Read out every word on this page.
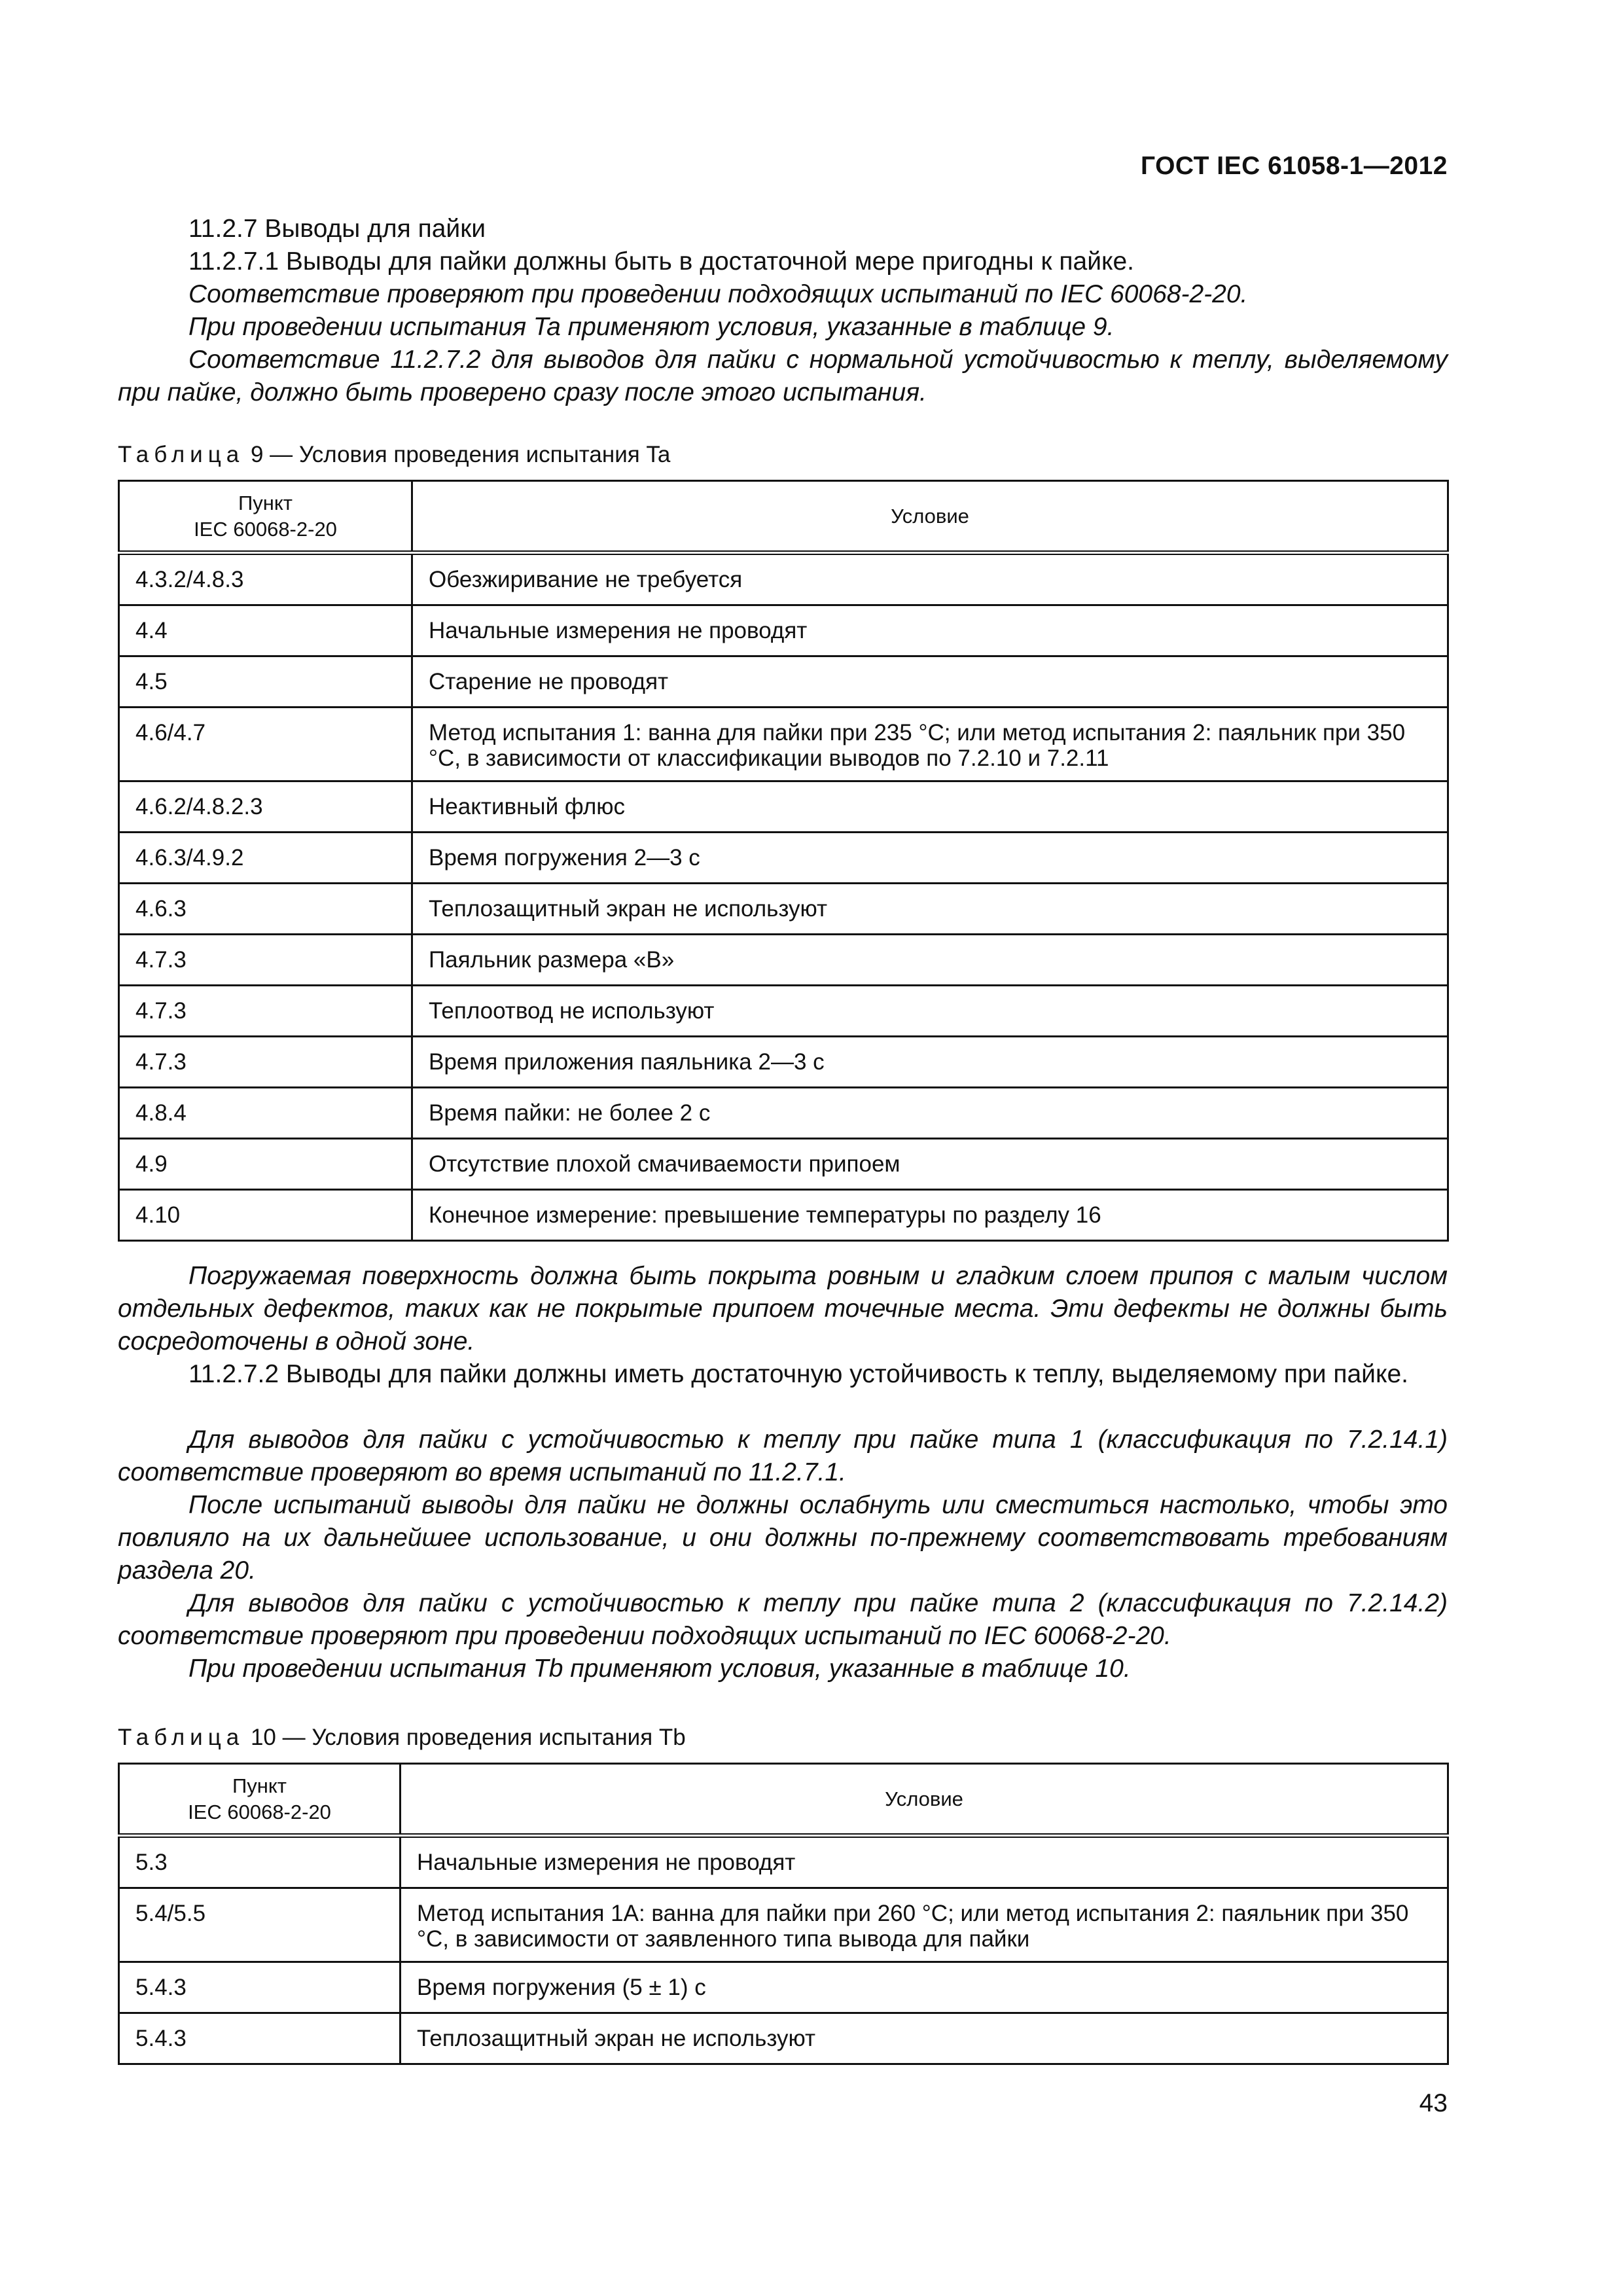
ГОСТ IEC 61058-1—2012

11.2.7 Выводы для пайки

11.2.7.1 Выводы для пайки должны быть в достаточной мере пригодны к пайке.

Соответствие проверяют при проведении подходящих испытаний по IEC 60068-2-20.

При проведении испытания Ta применяют условия, указанные в таблице 9.

Соответствие 11.2.7.2 для выводов для пайки с нормальной устойчивостью к теплу, выделяемому при пайке, должно быть проверено сразу после этого испытания.

Таблица 9 — Условия проведения испытания Ta
Пункт
IEC 60068-2-20	Условие
4.3.2/4.8.3	Обезжиривание не требуется
4.4	Начальные измерения не проводят
4.5	Старение не проводят
4.6/4.7	Метод испытания 1: ванна для пайки при 235 °C; или метод испытания 2: паяльник при 350 °C, в зависимости от классификации выводов по 7.2.10 и 7.2.11
4.6.2/4.8.2.3	Неактивный флюс
4.6.3/4.9.2	Время погружения 2—3 с
4.6.3	Теплозащитный экран не используют
4.7.3	Паяльник размера «В»
4.7.3	Теплоотвод не используют
4.7.3	Время приложения паяльника 2—3 с
4.8.4	Время пайки: не более 2 с
4.9	Отсутствие плохой смачиваемости припоем
4.10	Конечное измерение: превышение температуры по разделу 16

Погружаемая поверхность должна быть покрыта ровным и гладким слоем припоя с малым числом отдельных дефектов, таких как не покрытые припоем точечные места. Эти дефекты не должны быть сосредоточены в одной зоне.

11.2.7.2 Выводы для пайки должны иметь достаточную устойчивость к теплу, выделяемому при пайке.

Для выводов для пайки с устойчивостью к теплу при пайке типа 1 (классификация по 7.2.14.1) соответствие проверяют во время испытаний по 11.2.7.1.

После испытаний выводы для пайки не должны ослабнуть или сместиться настолько, чтобы это повлияло на их дальнейшее использование, и они должны по-прежнему соответствовать требованиям раздела 20.

Для выводов для пайки с устойчивостью к теплу при пайке типа 2 (классификация по 7.2.14.2) соответствие проверяют при проведении подходящих испытаний по IEC 60068-2-20.

При проведении испытания Tb применяют условия, указанные в таблице 10.

Таблица 10 — Условия проведения испытания Tb
Пункт
IEC 60068-2-20	Условие
5.3	Начальные измерения не проводят
5.4/5.5	Метод испытания 1А: ванна для пайки при 260 °C; или метод испытания 2: паяльник при 350 °C, в зависимости от заявленного типа вывода для пайки
5.4.3	Время погружения (5 ± 1) с
5.4.3	Теплозащитный экран не используют
43
